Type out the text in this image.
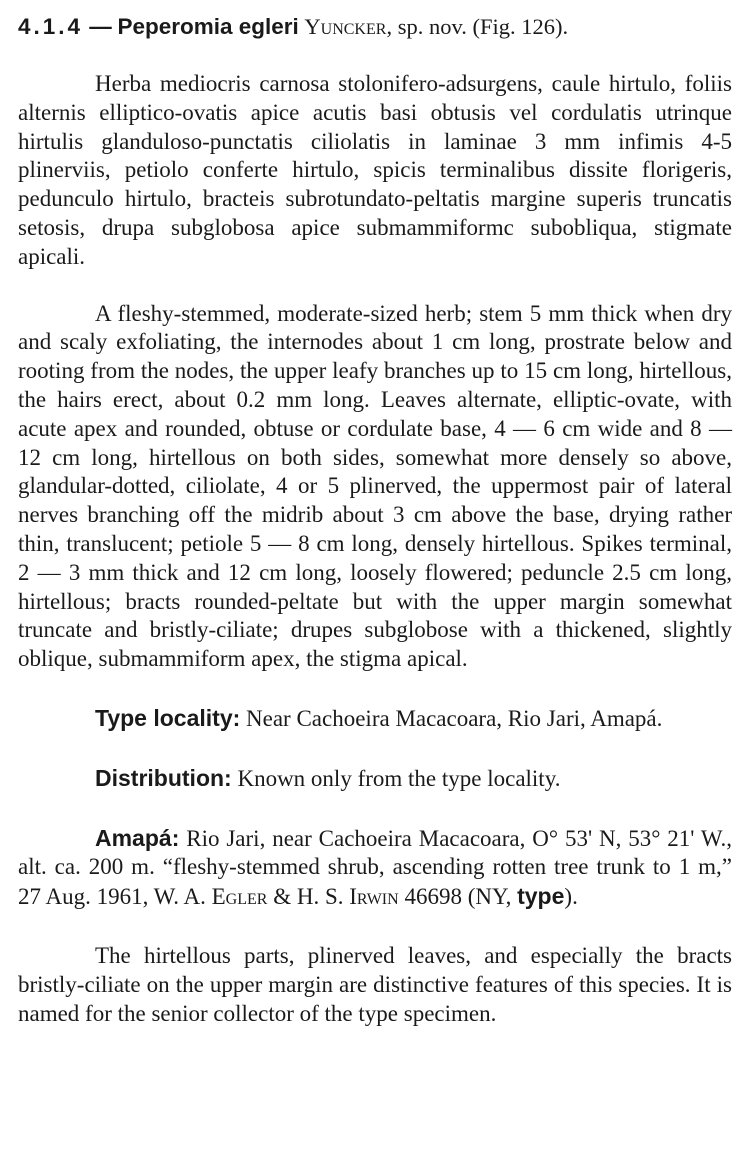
4.1.4 — Peperomia egleri Yuncker, sp. nov. (Fig. 126).

Herba mediocris carnosa stolonifero-adsurgens, caule hirtulo, foliis alternis elliptico-ovatis apice acutis basi obtusis vel cordulatis utrinque hirtulis glanduloso-punctatis ciliolatis in laminae 3 mm infimis 4-5 plinerviis, petiolo conferte hirtulo, spicis terminalibus dissite florigeris, pedunculo hirtulo, bracteis subrotundato-peltatis margine superis truncatis setosis, drupa subglobosa apice submammiformc subobliqua, stigmate apicali.

A fleshy-stemmed, moderate-sized herb; stem 5 mm thick when dry and scaly exfoliating, the internodes about 1 cm long, prostrate below and rooting from the nodes, the upper leafy branches up to 15 cm long, hirtellous, the hairs erect, about 0.2 mm long. Leaves alternate, elliptic-ovate, with acute apex and rounded, obtuse or cordulate base, 4 — 6 cm wide and 8 — 12 cm long, hirtellous on both sides, somewhat more densely so above, glandular-dotted, ciliolate, 4 or 5 plinerved, the uppermost pair of lateral nerves branching off the midrib about 3 cm above the base, drying rather thin, translucent; petiole 5 — 8 cm long, densely hirtellous. Spikes terminal, 2 — 3 mm thick and 12 cm long, loosely flowered; peduncle 2.5 cm long, hirtellous; bracts rounded-peltate but with the upper margin somewhat truncate and bristly-ciliate; drupes subglobose with a thickened, slightly oblique, submammiform apex, the stigma apical.

Type locality: Near Cachoeira Macacoara, Rio Jari, Amapá.

Distribution: Known only from the type locality.

Amapá: Rio Jari, near Cachoeira Macacoara, O° 53' N, 53° 21' W., alt. ca. 200 m. “fleshy-stemmed shrub, ascending rotten tree trunk to 1 m,” 27 Aug. 1961, W. A. Egler & H. S. Irwin 46698 (NY, type).

The hirtellous parts, plinerved leaves, and especially the bracts bristly-ciliate on the upper margin are distinctive features of this species. It is named for the senior collector of the type specimen.
